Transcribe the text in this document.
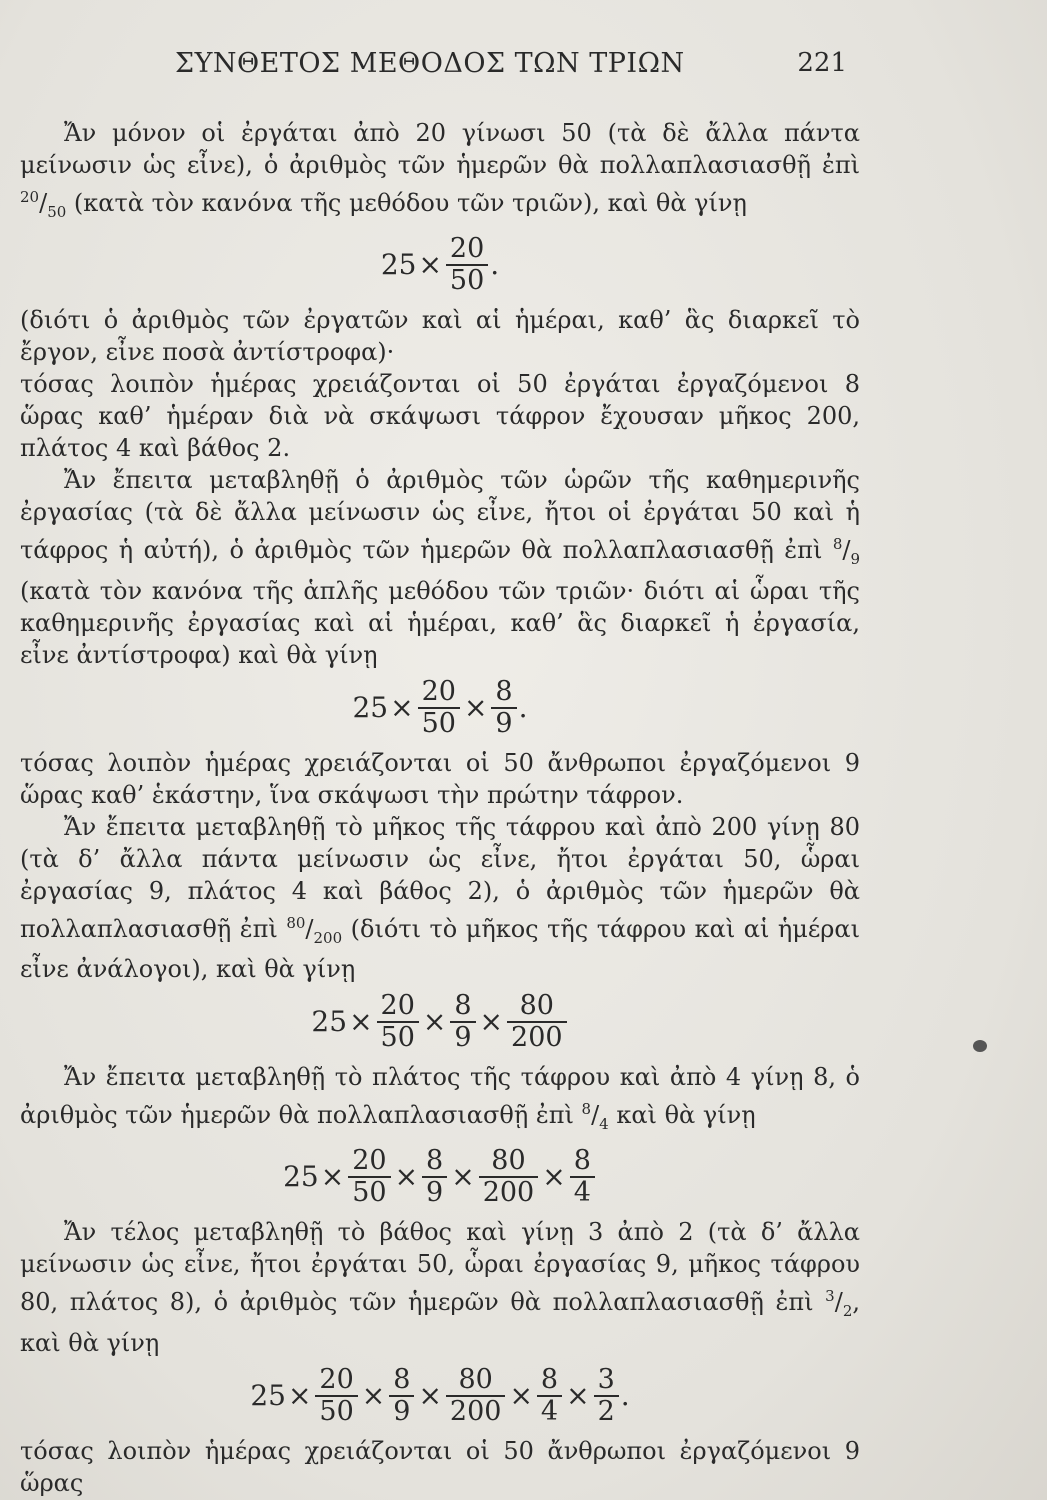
ΣΥΝΘΕΤΟΣ ΜΕΘΟΔΟΣ ΤΩΝ ΤΡΙΩΝ	221

Ἄν μόνον οἱ ἐργάται ἀπὸ 20 γίνωσι 50 (τὰ δὲ ἄλλα πάντα μείνωσιν ὡς εἶνε), ὁ ἀριθμὸς τῶν ἡμερῶν θὰ πολλαπλασιασθῇ ἐπὶ $^{20}/_{50}$ (κατὰ τὸν κανόνα τῆς μεθόδου τῶν τριῶν), καὶ θὰ γίνῃ

$25 \times \frac{20}{50}$ .

(διότι ὁ ἀριθμὸς τῶν ἐργατῶν καὶ αἱ ἡμέραι, καθ’ ἃς διαρκεῖ τὸ ἔργον, εἶνε ποσὰ ἀντίστροφα)·

τόσας λοιπὸν ἡμέρας χρειάζονται οἱ 50 ἐργάται ἐργαζόμενοι 8 ὥρας καθ’ ἡμέραν διὰ νὰ σκάψωσι τάφρον ἔχουσαν μῆκος 200, πλάτος 4 καὶ βάθος 2.

Ἄν ἔπειτα μεταβληθῇ ὁ ἀριθμὸς τῶν ὡρῶν τῆς καθημερινῆς ἐργασίας (τὰ δὲ ἄλλα μείνωσιν ὡς εἶνε, ἤτοι οἱ ἐργάται 50 καὶ ἡ τάφρος ἡ αὐτή), ὁ ἀριθμὸς τῶν ἡμερῶν θὰ πολλαπλασιασθῇ ἐπὶ $^8/_9$ (κατὰ τὸν κανόνα τῆς ἁπλῆς μεθόδου τῶν τριῶν· διότι αἱ ὧραι τῆς καθημερινῆς ἐργασίας καὶ αἱ ἡμέραι, καθ’ ἃς διαρκεῖ ἡ ἐργασία, εἶνε ἀντίστροφα) καὶ θὰ γίνῃ

$25 \times \frac{20}{50} \times \frac{8}{9}$ .

τόσας λοιπὸν ἡμέρας χρειάζονται οἱ 50 ἄνθρωποι ἐργαζόμενοι 9 ὥρας καθ’ ἑκάστην, ἵνα σκάψωσι τὴν πρώτην τάφρον.

Ἄν ἔπειτα μεταβληθῇ τὸ μῆκος τῆς τάφρου καὶ ἀπὸ 200 γίνῃ 80 (τὰ δ’ ἄλλα πάντα μείνωσιν ὡς εἶνε, ἤτοι ἐργάται 50, ὧραι ἐργασίας 9, πλάτος 4 καὶ βάθος 2), ὁ ἀριθμὸς τῶν ἡμερῶν θὰ πολλαπλασιασθῇ ἐπὶ $^{80}/_{200}$ (διότι τὸ μῆκος τῆς τάφρου καὶ αἱ ἡμέραι εἶνε ἀνάλογοι), καὶ θὰ γίνῃ

$25 \times \frac{20}{50} \times \frac{8}{9} \times \frac{80}{200}$

Ἄν ἔπειτα μεταβληθῇ τὸ πλάτος τῆς τάφρου καὶ ἀπὸ 4 γίνῃ 8, ὁ ἀριθμὸς τῶν ἡμερῶν θὰ πολλαπλασιασθῇ ἐπὶ $^8/_4$ καὶ θὰ γίνῃ

$25 \times \frac{20}{50} \times \frac{8}{9} \times \frac{80}{200} \times \frac{8}{4}$

Ἄν τέλος μεταβληθῇ τὸ βάθος καὶ γίνῃ 3 ἀπὸ 2 (τὰ δ’ ἄλλα μείνωσιν ὡς εἶνε, ἤτοι ἐργάται 50, ὧραι ἐργασίας 9, μῆκος τάφρου 80, πλάτος 8), ὁ ἀριθμὸς τῶν ἡμερῶν θὰ πολλαπλασιασθῇ ἐπὶ $^3/_2$, καὶ θὰ γίνῃ

$25 \times \frac{20}{50} \times \frac{8}{9} \times \frac{80}{200} \times \frac{8}{4} \times \frac{3}{2}$ .

τόσας λοιπὸν ἡμέρας χρειάζονται οἱ 50 ἄνθρωποι ἐργαζόμενοι 9 ὥρας
